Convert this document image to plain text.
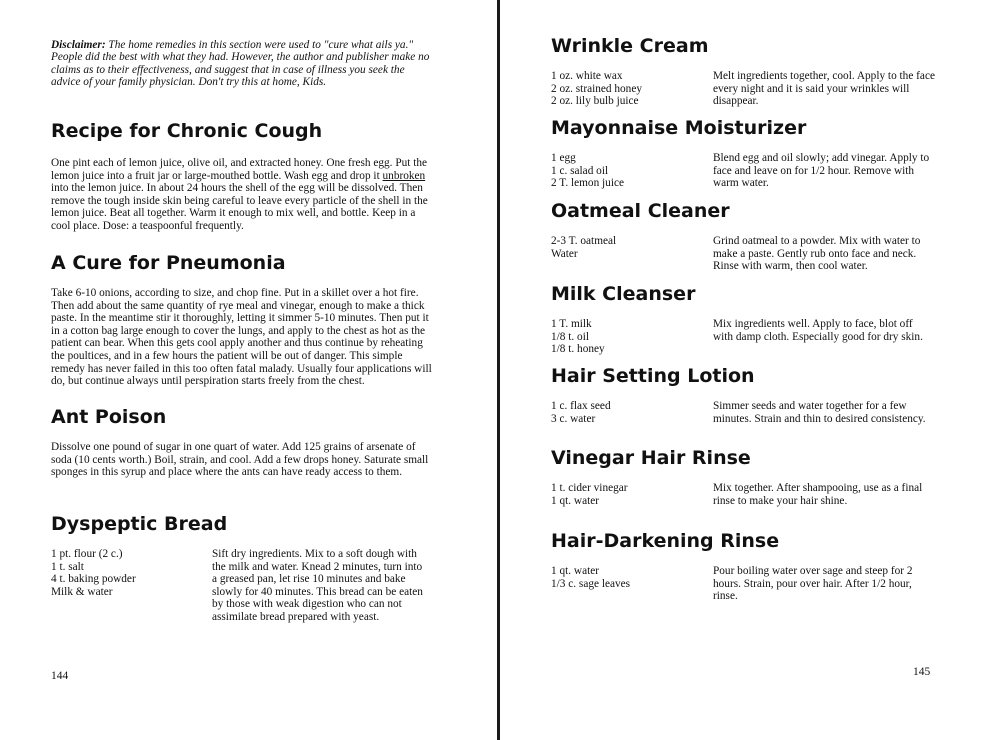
Disclaimer: The home remedies in this section were used to "cure what ails ya." People did the best with what they had. However, the author and publisher make no claims as to their effectiveness, and suggest that in case of illness you seek the advice of your family physician. Don't try this at home, Kids.

Recipe for Chronic Cough

One pint each of lemon juice, olive oil, and extracted honey. One fresh egg. Put the lemon juice into a fruit jar or large-mouthed bottle. Wash egg and drop it unbroken into the lemon juice. In about 24 hours the shell of the egg will be dissolved. Then remove the tough inside skin being careful to leave every particle of the shell in the lemon juice. Beat all together. Warm it enough to mix well, and bottle. Keep in a cool place. Dose: a teaspoonful frequently.

A Cure for Pneumonia

Take 6-10 onions, according to size, and chop fine. Put in a skillet over a hot fire. Then add about the same quantity of rye meal and vinegar, enough to make a thick paste. In the meantime stir it thoroughly, letting it simmer 5-10 minutes. Then put it in a cotton bag large enough to cover the lungs, and apply to the chest as hot as the patient can bear. When this gets cool apply another and thus continue by reheating the poultices, and in a few hours the patient will be out of danger. This simple remedy has never failed in this too often fatal malady. Usually four applications will do, but continue always until perspiration starts freely from the chest.

Ant Poison

Dissolve one pound of sugar in one quart of water. Add 125 grains of arsenate of soda (10 cents worth.) Boil, strain, and cool. Add a few drops honey. Saturate small sponges in this syrup and place where the ants can have ready access to them.

Dyspeptic Bread
1 pt. flour (2 c.)
1 t. salt
4 t. baking powder
Milk & water

Sift dry ingredients. Mix to a soft dough with the milk and water. Knead 2 minutes, turn into a greased pan, let rise 10 minutes and bake slowly for 40 minutes. This bread can be eaten by those with weak digestion who can not assimilate bread prepared with yeast.

144
Wrinkle Cream
1 oz. white wax
2 oz. strained honey
2 oz. lily bulb juice

Melt ingredients together, cool. Apply to the face every night and it is said your wrinkles will disappear.

Mayonnaise Moisturizer
1 egg
1 c. salad oil
2 T. lemon juice

Blend egg and oil slowly; add vinegar. Apply to face and leave on for 1/2 hour. Remove with warm water.

Oatmeal Cleaner
2-3 T. oatmeal
Water

Grind oatmeal to a powder. Mix with water to make a paste. Gently rub onto face and neck. Rinse with warm, then cool water.

Milk Cleanser
1 T. milk
1/8 t. oil
1/8 t. honey

Mix ingredients well. Apply to face, blot off with damp cloth. Especially good for dry skin.

Hair Setting Lotion
1 c. flax seed
3 c. water

Simmer seeds and water together for a few minutes. Strain and thin to desired consistency.

Vinegar Hair Rinse
1 t. cider vinegar
1 qt. water

Mix together. After shampooing, use as a final rinse to make your hair shine.

Hair-Darkening Rinse
1 qt. water
1/3 c. sage leaves

Pour boiling water over sage and steep for 2 hours. Strain, pour over hair. After 1/2 hour, rinse.

145
